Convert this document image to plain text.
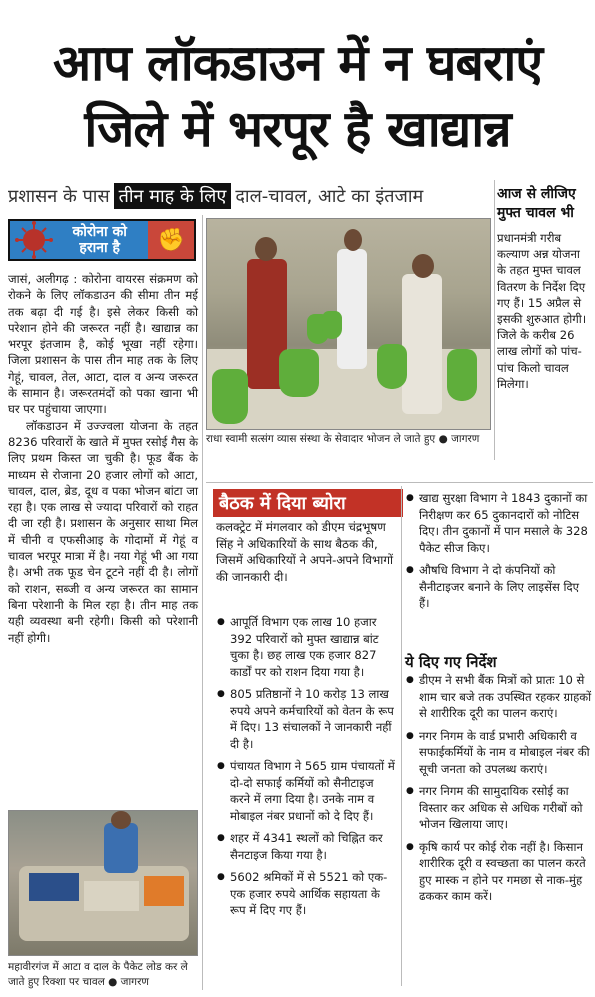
आप लॉकडाउन में न घबराएं
जिले में भरपूर है खाद्यान्न
प्रशासन के पास तीन माह के लिए दाल-चावल, आटे का इंतजाम
कोरोना को
हराना है	✊

जासं, अलीगढ़ : कोरोना वायरस संक्रमण को रोकने के लिए लॉकडाउन की सीमा तीन मई तक बढ़ा दी गई है। इसे लेकर किसी को परेशान होने की जरूरत नहीं है। खाद्यान्न का भरपूर इंतजाम है, कोई भूखा नहीं रहेगा। जिला प्रशासन के पास तीन माह तक के लिए गेहूं, चावल, तेल, आटा, दाल व अन्य जरूरत के सामान है। जरूरतमंदों को पका खाना भी घर पर पहुंचाया जाएगा।

लॉकडाउन में उज्ज्वला योजना के तहत 8236 परिवारों के खाते में मुफ्त रसोई गैस के लिए प्रथम किस्त जा चुकी है। फूड बैंक के माध्यम से रोजाना 20 हजार लोगों को आटा, चावल, दाल, ब्रेड, दूध व पका भोजन बांटा जा रहा है। एक लाख से ज्यादा परिवारों को राहत दी जा रही है। प्रशासन के अनुसार साथा मिल में चीनी व एफसीआइ के गोदामों में गेहूं व चावल भरपूर मात्रा में है। नया गेहूं भी आ गया है। अभी तक फूड चेन टूटने नहीं दी है। लोगों को राशन, सब्जी व अन्य जरूरत का सामान बिना परेशानी के मिल रहा है। तीन माह तक यही व्यवस्था बनी रहेगी। किसी को परेशानी नहीं होगी।

राधा स्वामी सत्संग व्यास संस्था के सेवादार भोजन ले जाते हुए ● जागरण
आज से लीजिए मुफ्त चावल भी
प्रधानमंत्री गरीब कल्याण अन्न योजना के तहत मुफ्त चावल वितरण के निर्देश दिए गए हैं। 15 अप्रैल से इसकी शुरुआत होगी। जिले के करीब 26 लाख लोगों को पांच-पांच किलो चावल मिलेगा।
बैठक में दिया ब्योरा
कलक्ट्रेट में मंगलवार को डीएम चंद्रभूषण सिंह ने अधिकारियों के साथ बैठक की, जिसमें अधिकारियों ने अपने-अपने विभागों की जानकारी दी।
● आपूर्ति विभाग एक लाख 10 हजार 392 परिवारों को मुफ्त खाद्यान्न बांट चुका है। छह लाख एक हजार 827 कार्डों पर को राशन दिया गया है।
● 805 प्रतिष्ठानों ने 10 करोड़ 13 लाख रुपये अपने कर्मचारियों को वेतन के रूप में दिए। 13 संचालकों ने जानकारी नहीं दी है।
● पंचायत विभाग ने 565 ग्राम पंचायतों में दो-दो सफाई कर्मियों को सैनीटाइज करने में लगा दिया है। उनके नाम व मोबाइल नंबर प्रधानों को दे दिए हैं।
● शहर में 4341 स्थलों को चिह्नित कर सैनटाइज किया गया है।
● 5602 श्रमिकों में से 5521 को एक-एक हजार रुपये आर्थिक सहायता के रूप में दिए गए हैं।
● खाद्य सुरक्षा विभाग ने 1843 दुकानों का निरीक्षण कर 65 दुकानदारों को नोटिस दिए। तीन दुकानों में पान मसाले के 328 पैकेट सीज किए।
● औषधि विभाग ने दो कंपनियों को सैनीटाइजर बनाने के लिए लाइसेंस दिए हैं।
ये दिए गए निर्देश
● डीएम ने सभी बैंक मित्रों को प्रातः 10 से शाम चार बजे तक उपस्थित रहकर ग्राहकों से शारीरिक दूरी का पालन कराएं।
● नगर निगम के वार्ड प्रभारी अधिकारी व सफाईकर्मियों के नाम व मोबाइल नंबर की सूची जनता को उपलब्ध कराएं।
● नगर निगम की सामुदायिक रसोई का विस्तार कर अधिक से अधिक गरीबों को भोजन खिलाया जाए।
● कृषि कार्य पर कोई रोक नहीं है। किसान शारीरिक दूरी व स्वच्छता का पालन करते हुए मास्क न होने पर गमछा से नाक-मुंह ढककर काम करें।
महावीरगंज में आटा व दाल के पैकेट लोड कर ले जाते हुए रिक्शा पर चावल ● जागरण
